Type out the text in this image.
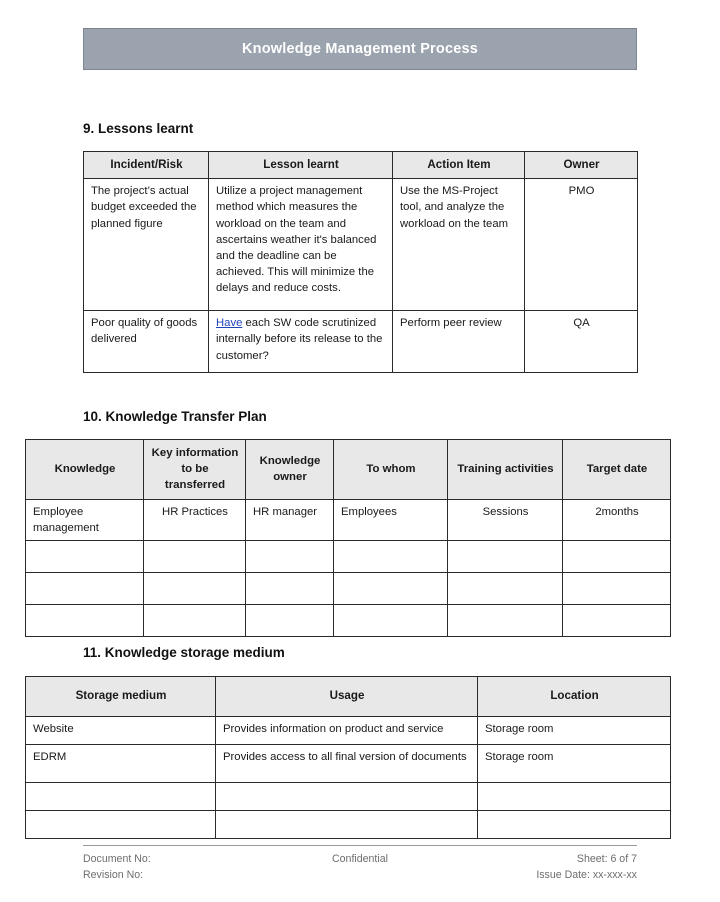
Knowledge Management Process
9. Lessons learnt
Incident/Risk	Lesson learnt	Action Item	Owner
The project’s actual budget exceeded the planned figure	Utilize a project management method which measures the workload on the team and ascertains weather it's balanced and the deadline can be achieved. This will minimize the delays and reduce costs.	Use the MS-Project tool, and analyze the workload on the team	PMO
Poor quality of goods delivered	Have each SW code scrutinized internally before its release to the customer?	Perform peer review	QA
10. Knowledge Transfer Plan
Knowledge	Key information to be transferred	Knowledge owner	To whom	Training activities	Target date
Employee management	HR Practices	HR manager	Employees	Sessions	2months

11. Knowledge storage medium
Storage medium	Usage	Location
Website	Provides information on product and service	Storage room
EDRM	Provides access to all final version of documents	Storage room

Document No:	Confidential	Sheet: 6 of 7
Revision No:	Issue Date: xx-xxx-xx
